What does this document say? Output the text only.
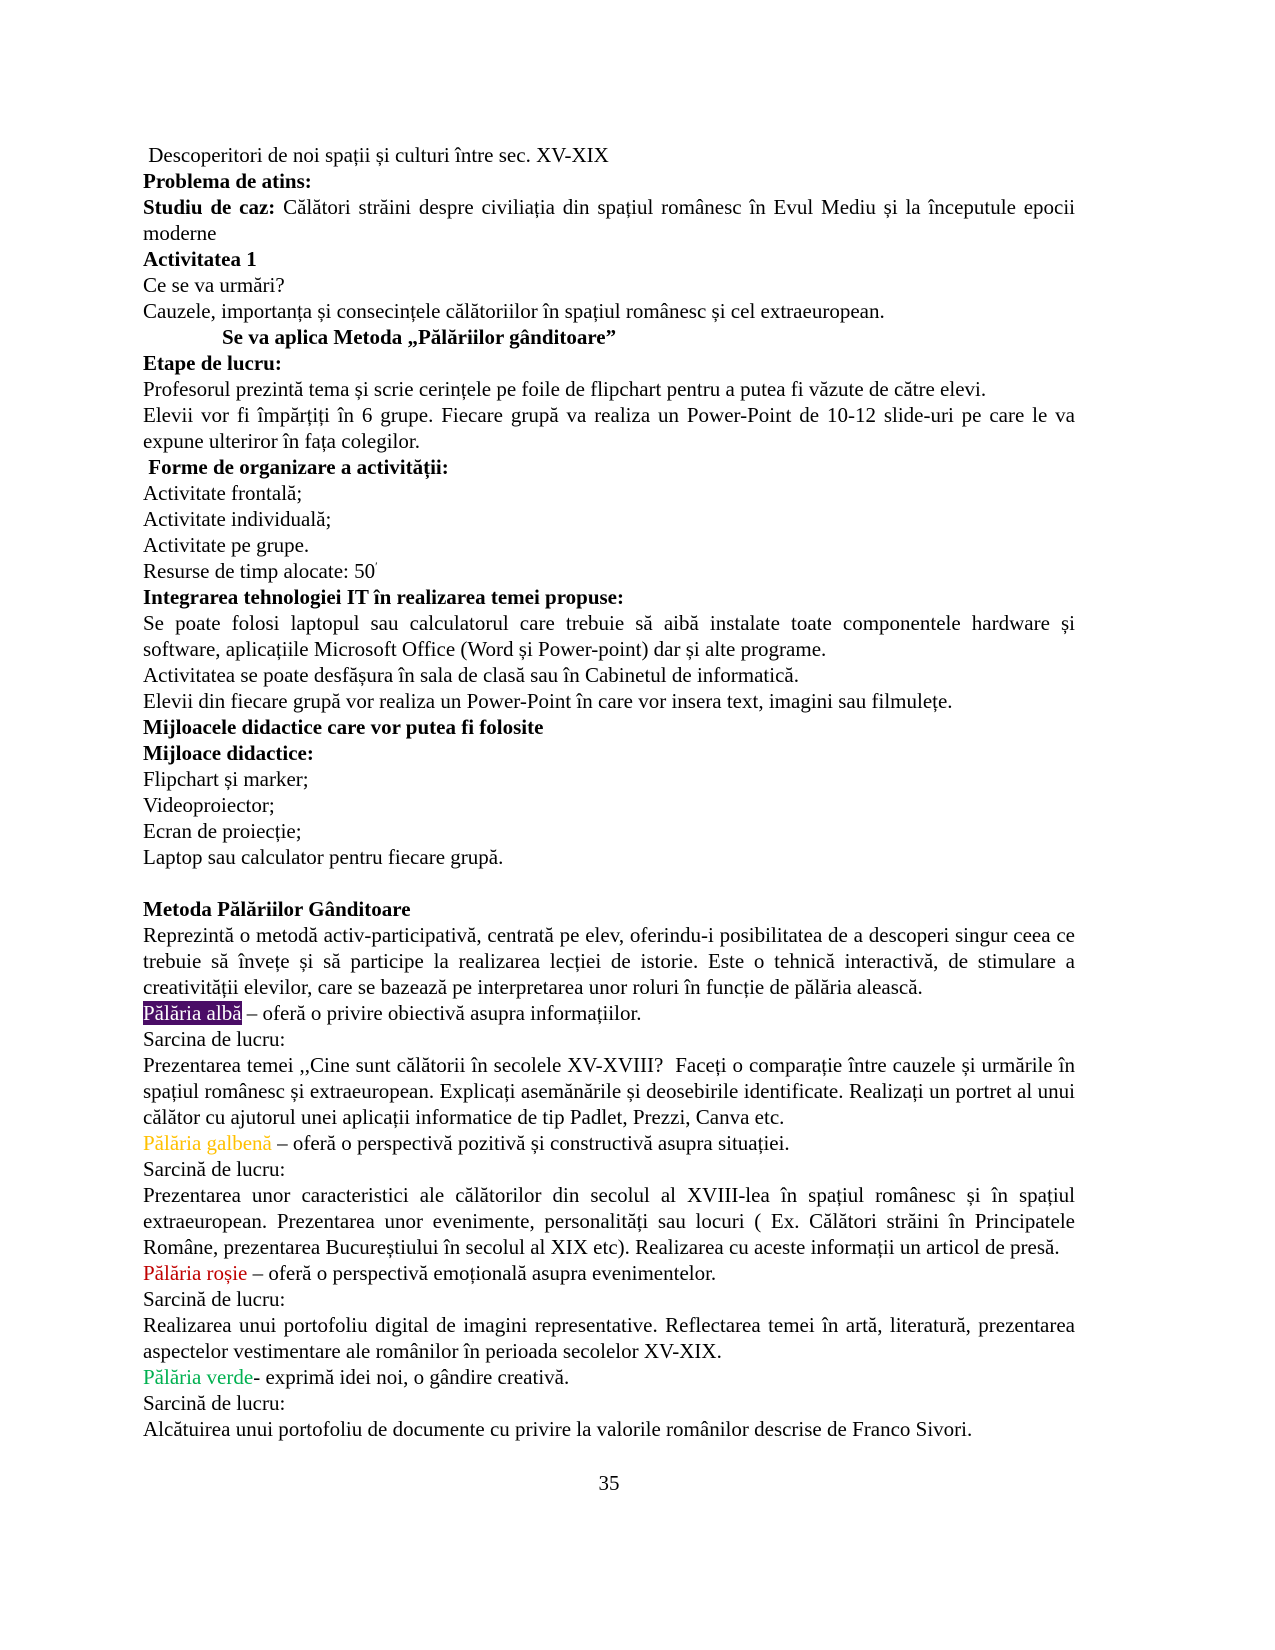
Descoperitori de noi spații și culturi între sec. XV-XIX

Problema de atins:

Studiu de caz: Călători străini despre civiliația din spațiul românesc în Evul Mediu și la începutule epocii moderne

Activitatea 1

Ce se va urmări?

Cauzele, importanța și consecințele călătoriilor în spațiul românesc și cel extraeuropean.

Se va aplica Metoda „Pălăriilor gânditoare”

Etape de lucru:

Profesorul prezintă tema și scrie cerințele pe foile de flipchart pentru a putea fi văzute de către elevi.

Elevii vor fi împărțiți în 6 grupe. Fiecare grupă va realiza un Power-Point de 10-12 slide-uri pe care le va expune ulteriror în fața colegilor.

Forme de organizare a activității:

Activitate frontală;

Activitate individuală;

Activitate pe grupe.

Resurse de timp alocate: 50′

Integrarea tehnologiei IT în realizarea temei propuse:

Se poate folosi laptopul sau calculatorul care trebuie să aibă instalate toate componentele hardware și software, aplicațiile Microsoft Office (Word și Power-point) dar și alte programe.

Activitatea se poate desfășura în sala de clasă sau în Cabinetul de informatică.

Elevii din fiecare grupă vor realiza un Power-Point în care vor insera text, imagini sau filmulețe.

Mijloacele didactice care vor putea fi folosite

Mijloace didactice:

Flipchart și marker;

Videoproiector;

Ecran de proiecție;

Laptop sau calculator pentru fiecare grupă.

Metoda Pălăriilor Gânditoare

Reprezintă o metodă activ-participativă, centrată pe elev, oferindu-i posibilitatea de a descoperi singur ceea ce trebuie să învețe și să participe la realizarea lecției de istorie. Este o tehnică interactivă, de stimulare a creativității elevilor, care se bazează pe interpretarea unor roluri în funcție de pălăria alească.

Pălăria albă – oferă o privire obiectivă asupra informațiilor.

Sarcina de lucru:

Prezentarea temei ,,Cine sunt călătorii în secolele XV-XVIII?  Faceți o comparație între cauzele și urmările în spațiul românesc și extraeuropean. Explicați asemănările și deosebirile identificate. Realizați un portret al unui călător cu ajutorul unei aplicații informatice de tip Padlet, Prezzi, Canva etc.

Pălăria galbenă – oferă o perspectivă pozitivă și constructivă asupra situației.

Sarcină de lucru:

Prezentarea unor caracteristici ale călătorilor din secolul al XVIII-lea în spațiul românesc și în spațiul extraeuropean. Prezentarea unor evenimente, personalități sau locuri ( Ex. Călători străini în Principatele Române, prezentarea Bucureștiului în secolul al XIX etc). Realizarea cu aceste informații un articol de presă.

Pălăria roșie – oferă o perspectivă emoțională asupra evenimentelor.

Sarcină de lucru:

Realizarea unui portofoliu digital de imagini representative. Reflectarea temei în artă, literatură, prezentarea aspectelor vestimentare ale românilor în perioada secolelor XV-XIX.

Pălăria verde- exprimă idei noi, o gândire creativă.

Sarcină de lucru:

Alcătuirea unui portofoliu de documente cu privire la valorile românilor descrise de Franco Sivori.

35
